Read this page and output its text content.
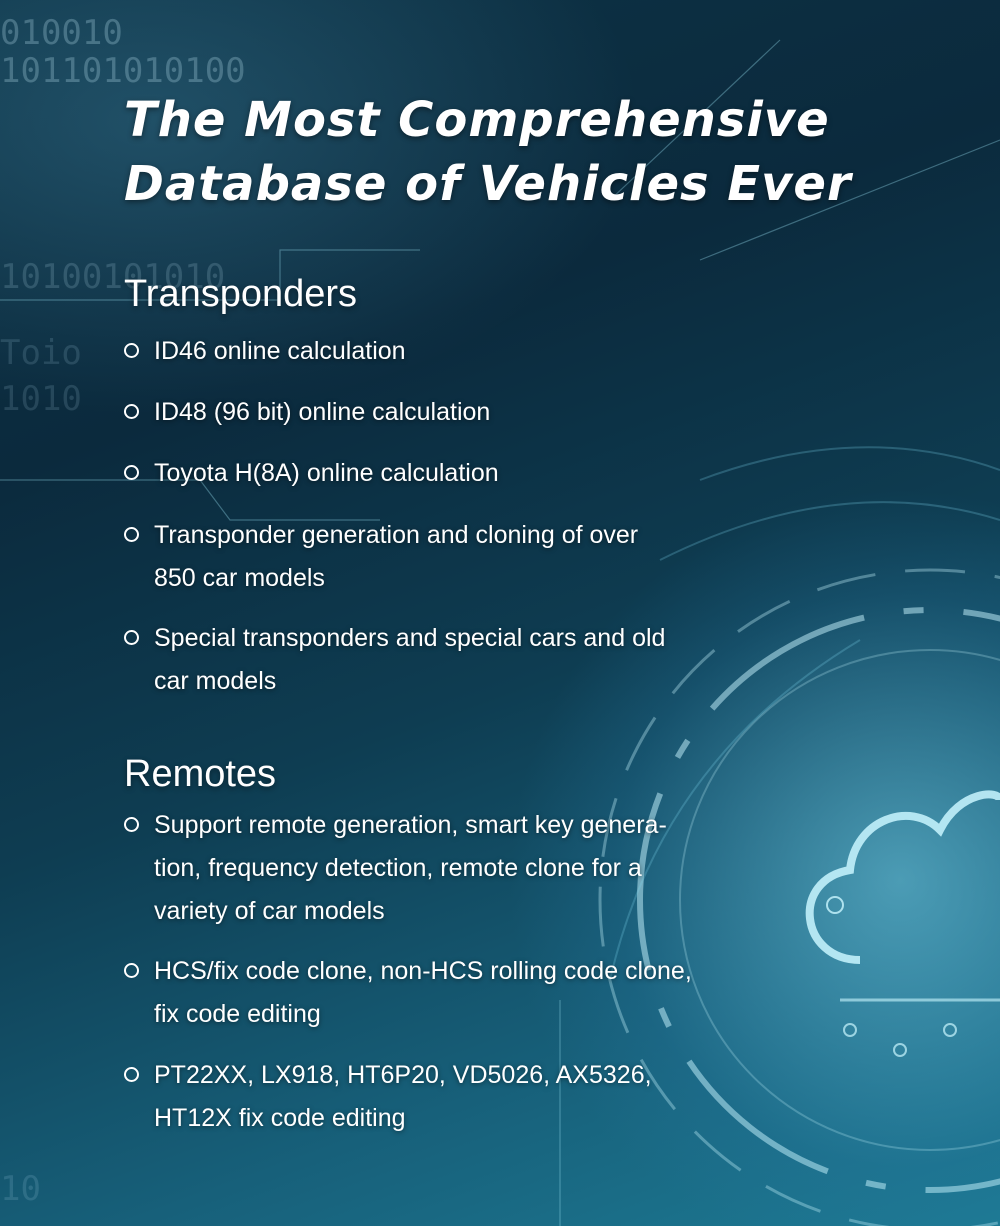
010010
101101010100
10100101010
Toio
1010
10
The Most Comprehensive
Database of Vehicles Ever
Transponders
ID46 online calculation
ID48 (96 bit) online calculation
Toyota H(8A) online calculation
Transponder generation and cloning of over
850 car models
Special transponders and special cars and old
car models
Remotes
Support remote generation, smart key genera-
tion, frequency detection, remote clone for a
variety of car models
HCS/fix code clone, non-HCS rolling code clone,
fix code editing
PT22XX, LX918, HT6P20, VD5026, AX5326,
HT12X fix code editing
